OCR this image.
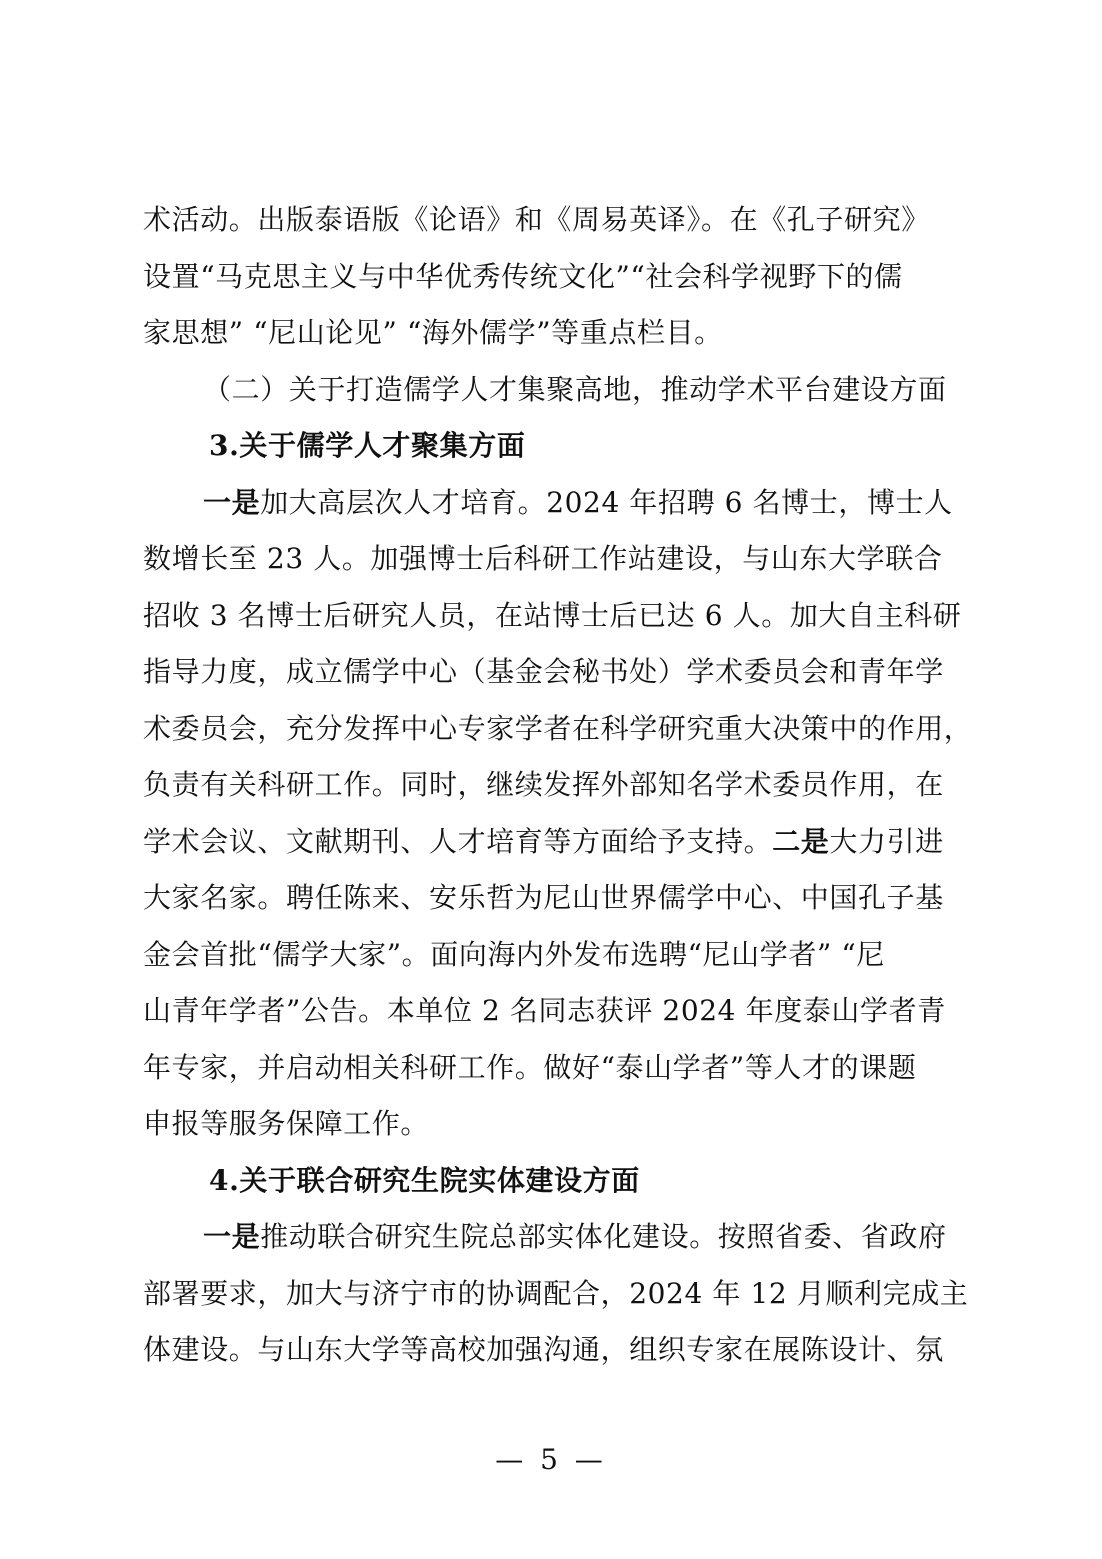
术活动。出版泰语版《论语》和《周易英译》。在《孔子研究》
设置“马克思主义与中华优秀传统文化”“社会科学视野下的儒
家思想” “尼山论见” “海外儒学”等重点栏目。
（二）关于打造儒学人才集聚高地，推动学术平台建设方面
3.关于儒学人才聚集方面
一是加大高层次人才培育。2024 年招聘 6 名博士，博士人
数增长至 23 人。加强博士后科研工作站建设，与山东大学联合
招收 3 名博士后研究人员，在站博士后已达 6 人。加大自主科研
指导力度，成立儒学中心（基金会秘书处）学术委员会和青年学
术委员会，充分发挥中心专家学者在科学研究重大决策中的作用，
负责有关科研工作。同时，继续发挥外部知名学术委员作用，在
学术会议、文献期刊、人才培育等方面给予支持。二是大力引进
大家名家。聘任陈来、安乐哲为尼山世界儒学中心、中国孔子基
金会首批“儒学大家”。面向海内外发布选聘“尼山学者” “尼
山青年学者”公告。本单位 2 名同志获评 2024 年度泰山学者青
年专家，并启动相关科研工作。做好“泰山学者”等人才的课题
申报等服务保障工作。
4.关于联合研究生院实体建设方面
一是推动联合研究生院总部实体化建设。按照省委、省政府
部署要求，加大与济宁市的协调配合，2024 年 12 月顺利完成主
体建设。与山东大学等高校加强沟通，组织专家在展陈设计、氛
— 5 —
